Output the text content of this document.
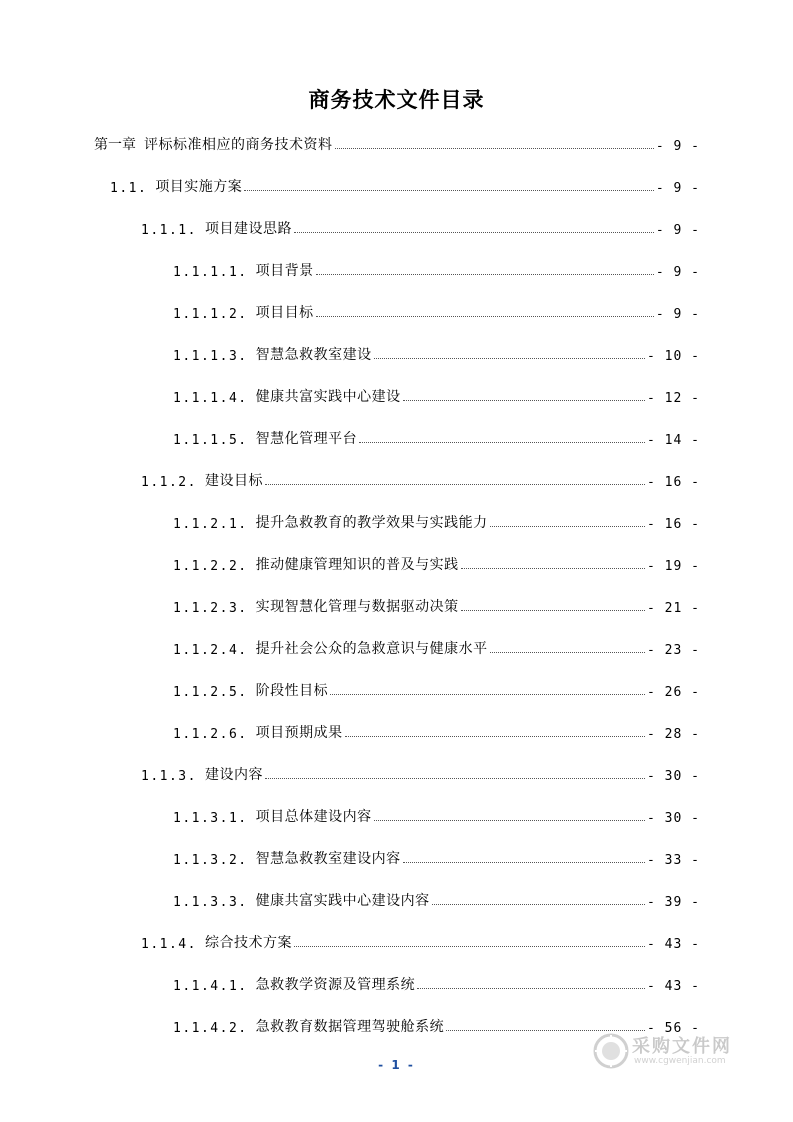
商务技术文件目录
第一章 评标标准相应的商务技术资料	- 9 -
1.1. 项目实施方案	- 9 -
1.1.1. 项目建设思路	- 9 -
1.1.1.1. 项目背景	- 9 -
1.1.1.2. 项目目标	- 9 -
1.1.1.3. 智慧急救教室建设	- 10 -
1.1.1.4. 健康共富实践中心建设	- 12 -
1.1.1.5. 智慧化管理平台	- 14 -
1.1.2. 建设目标	- 16 -
1.1.2.1. 提升急救教育的教学效果与实践能力	- 16 -
1.1.2.2. 推动健康管理知识的普及与实践	- 19 -
1.1.2.3. 实现智慧化管理与数据驱动决策	- 21 -
1.1.2.4. 提升社会公众的急救意识与健康水平	- 23 -
1.1.2.5. 阶段性目标	- 26 -
1.1.2.6. 项目预期成果	- 28 -
1.1.3. 建设内容	- 30 -
1.1.3.1. 项目总体建设内容	- 30 -
1.1.3.2. 智慧急救教室建设内容	- 33 -
1.1.3.3. 健康共富实践中心建设内容	- 39 -
1.1.4. 综合技术方案	- 43 -
1.1.4.1. 急救教学资源及管理系统	- 43 -
1.1.4.2. 急救教育数据管理驾驶舱系统	- 56 -
采购文件网
www.cgwenjian.com
- 1 -
